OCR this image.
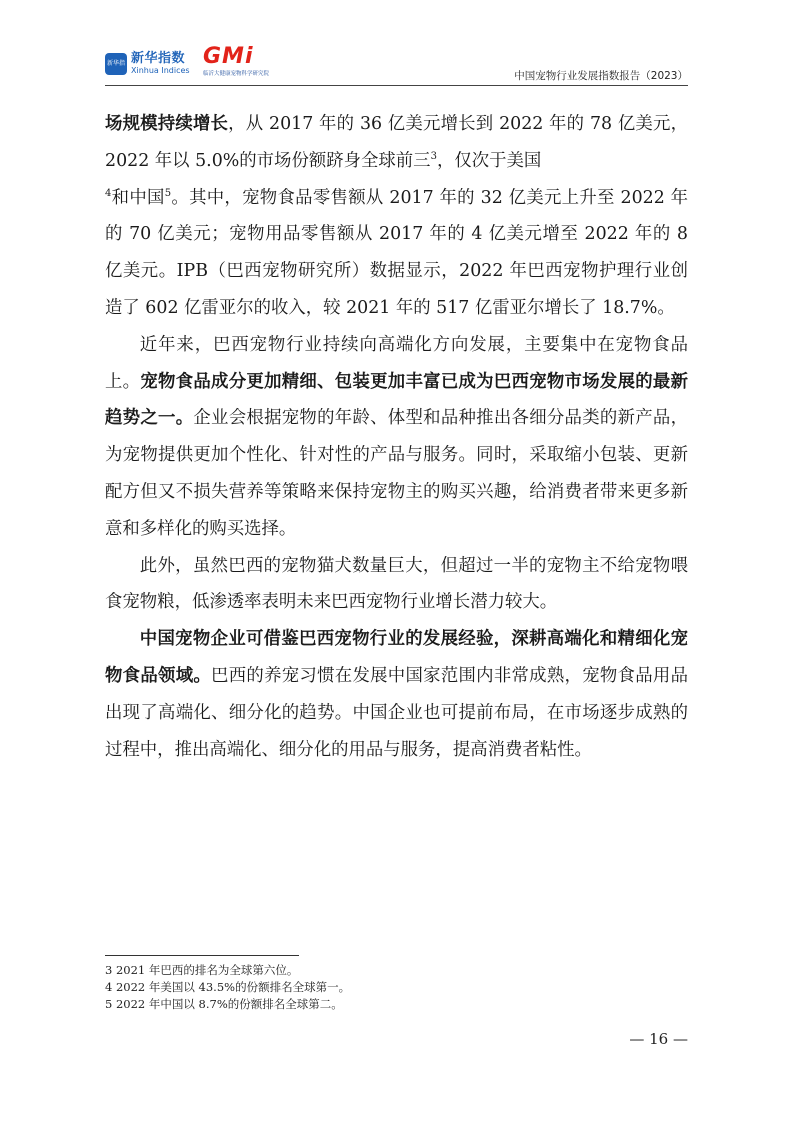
新华指数
新华指数
Xinhua Indices
GMi
临沂大健康宠物科学研究院	中国宠物行业发展指数报告（2023）

场规模持续增长，从 2017 年的 36 亿美元增长到 2022 年的 78 亿美元，2022 年以 5.0%的市场份额跻身全球前三$^3$，仅次于美国
$^4$和中国$^5$。其中，宠物食品零售额从 2017 年的 32 亿美元上升至 2022 年的 70 亿美元；宠物用品零售额从 2017 年的 4 亿美元增至 2022 年的 8 亿美元。IPB（巴西宠物研究所）数据显示，2022 年巴西宠物护理行业创造了 602 亿雷亚尔的收入，较 2021 年的 517 亿雷亚尔增长了 18.7%。

近年来，巴西宠物行业持续向高端化方向发展，主要集中在宠物食品上。宠物食品成分更加精细、包装更加丰富已成为巴西宠物市场发展的最新趋势之一。企业会根据宠物的年龄、体型和品种推出各细分品类的新产品，为宠物提供更加个性化、针对性的产品与服务。同时，采取缩小包装、更新配方但又不损失营养等策略来保持宠物主的购买兴趣，给消费者带来更多新意和多样化的购买选择。

此外，虽然巴西的宠物猫犬数量巨大，但超过一半的宠物主不给宠物喂食宠物粮，低渗透率表明未来巴西宠物行业增长潜力较大。

中国宠物企业可借鉴巴西宠物行业的发展经验，深耕高端化和精细化宠物食品领域。巴西的养宠习惯在发展中国家范围内非常成熟，宠物食品用品出现了高端化、细分化的趋势。中国企业也可提前布局，在市场逐步成熟的过程中，推出高端化、细分化的用品与服务，提高消费者粘性。

3 2021 年巴西的排名为全球第六位。
4 2022 年美国以 43.5%的份额排名全球第一。
5 2022 年中国以 8.7%的份额排名全球第二。
— 16 —
